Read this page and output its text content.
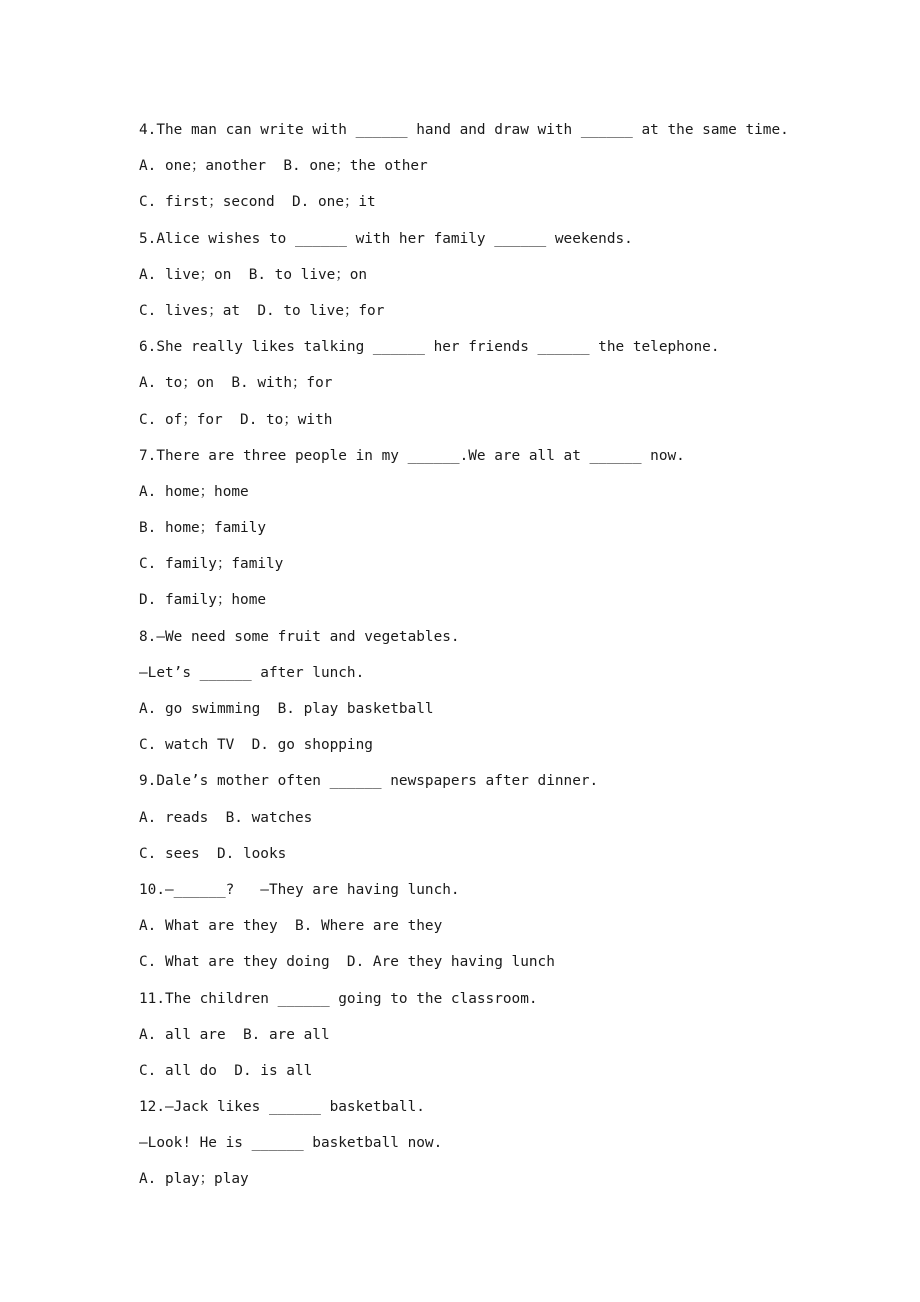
4.The man can write with ______ hand and draw with ______ at the same time.
A. one；another  B. one；the other
C. first；second  D. one；it
5.Alice wishes to ______ with her family ______ weekends.
A. live；on  B. to live；on
C. lives；at  D. to live；for
6.She really likes talking ______ her friends ______ the telephone.
A. to；on  B. with；for
C. of；for  D. to；with
7.There are three people in my ______.We are all at ______ now.
A. home；home
B. home；family
C. family；family
D. family；home
8.—We need some fruit and vegetables.
—Let’s ______ after lunch.
A. go swimming  B. play basketball
C. watch TV  D. go shopping
9.Dale’s mother often ______ newspapers after dinner.
A. reads  B. watches
C. sees  D. looks
10.—______?   —They are having lunch.
A. What are they  B. Where are they
C. What are they doing  D. Are they having lunch
11.The children ______ going to the classroom.
A. all are  B. are all
C. all do  D. is all
12.—Jack likes ______ basketball.
—Look! He is ______ basketball now.
A. play；play
